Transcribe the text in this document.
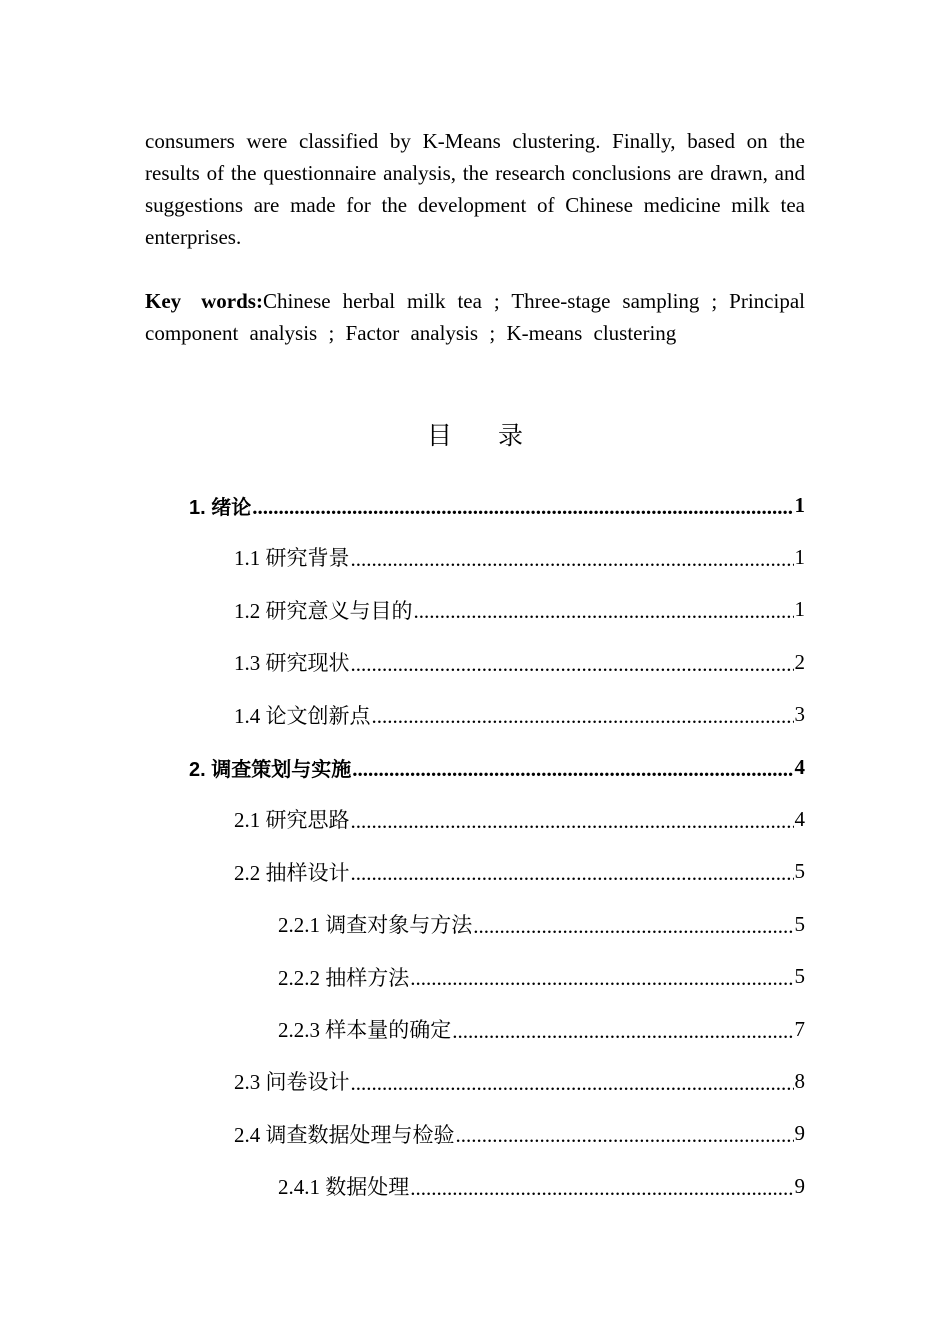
consumers were classified by K-Means clustering. Finally, based on the results of the questionnaire analysis, the research conclusions are drawn, and suggestions are made for the development of Chinese medicine milk tea enterprises.

Key words:Chinese herbal milk tea ; Three-stage sampling ; Principal component analysis ; Factor analysis ; K-means clustering

目录
1. 绪论 .....	1
1.1 研究背景 .....	1
1.2 研究意义与目的 .....	1
1.3 研究现状 .....	2
1.4 论文创新点 .....	3
2. 调查策划与实施 .....	4
2.1 研究思路 .....	4
2.2 抽样设计 .....	5
2.2.1 调查对象与方法 .....	5
2.2.2 抽样方法 .....	5
2.2.3 样本量的确定 .....	7
2.3 问卷设计 .....	8
2.4 调查数据处理与检验 .....	9
2.4.1 数据处理 .....	9
